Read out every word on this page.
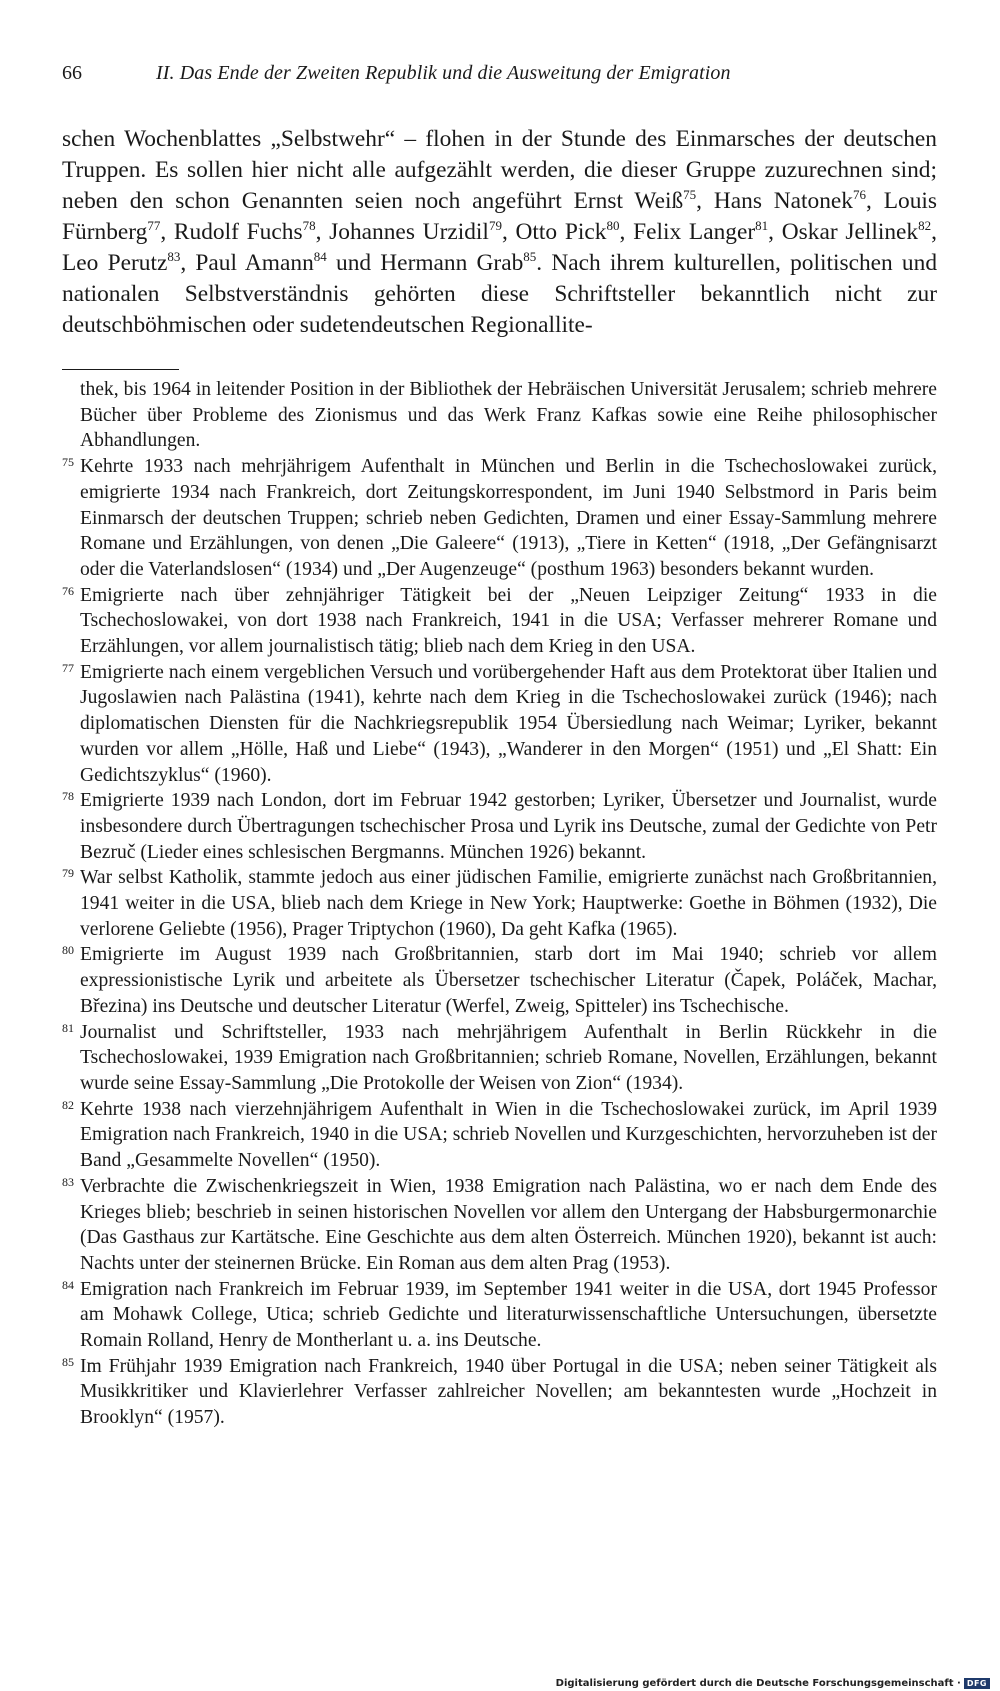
66	II. Das Ende der Zweiten Republik und die Ausweitung der Emigration
schen Wochenblattes „Selbstwehr“ – flohen in der Stunde des Einmarsches der deutschen Truppen. Es sollen hier nicht alle aufgezählt werden, die dieser Gruppe zuzurechnen sind; neben den schon Genannten seien noch angeführt Ernst Weiß$^{75}$, Hans Natonek$^{76}$, Louis Fürnberg$^{77}$, Rudolf Fuchs$^{78}$, Johannes Urzidil$^{79}$, Otto Pick$^{80}$, Felix Langer$^{81}$, Oskar Jellinek$^{82}$, Leo Perutz$^{83}$, Paul Amann$^{84}$ und Hermann Grab$^{85}$. Nach ihrem kulturellen, politischen und nationalen Selbstverständnis gehörten diese Schriftsteller bekanntlich nicht zur deutschböhmischen oder sudetendeutschen Regionallite-
thek, bis 1964 in leitender Position in der Bibliothek der Hebräischen Universität Jerusalem; schrieb mehrere Bücher über Probleme des Zionismus und das Werk Franz Kafkas sowie eine Reihe philosophischer Abhandlungen.
75 Kehrte 1933 nach mehrjährigem Aufenthalt in München und Berlin in die Tschechoslowakei zurück, emigrierte 1934 nach Frankreich, dort Zeitungskorrespondent, im Juni 1940 Selbstmord in Paris beim Einmarsch der deutschen Truppen; schrieb neben Gedichten, Dramen und einer Essay-Sammlung mehrere Romane und Erzählungen, von denen „Die Galeere“ (1913), „Tiere in Ketten“ (1918, „Der Gefängnisarzt oder die Vaterlandslosen“ (1934) und „Der Augenzeuge“ (posthum 1963) besonders bekannt wurden.
76 Emigrierte nach über zehnjähriger Tätigkeit bei der „Neuen Leipziger Zeitung“ 1933 in die Tschechoslowakei, von dort 1938 nach Frankreich, 1941 in die USA; Verfasser mehrerer Romane und Erzählungen, vor allem journalistisch tätig; blieb nach dem Krieg in den USA.
77 Emigrierte nach einem vergeblichen Versuch und vorübergehender Haft aus dem Protektorat über Italien und Jugoslawien nach Palästina (1941), kehrte nach dem Krieg in die Tschechoslowakei zurück (1946); nach diplomatischen Diensten für die Nachkriegsrepublik 1954 Übersiedlung nach Weimar; Lyriker, bekannt wurden vor allem „Hölle, Haß und Liebe“ (1943), „Wanderer in den Morgen“ (1951) und „El Shatt: Ein Gedichtszyklus“ (1960).
78 Emigrierte 1939 nach London, dort im Februar 1942 gestorben; Lyriker, Übersetzer und Journalist, wurde insbesondere durch Übertragungen tschechischer Prosa und Lyrik ins Deutsche, zumal der Gedichte von Petr Bezruč (Lieder eines schlesischen Bergmanns. München 1926) bekannt.
79 War selbst Katholik, stammte jedoch aus einer jüdischen Familie, emigrierte zunächst nach Großbritannien, 1941 weiter in die USA, blieb nach dem Kriege in New York; Hauptwerke: Goethe in Böhmen (1932), Die verlorene Geliebte (1956), Prager Triptychon (1960), Da geht Kafka (1965).
80 Emigrierte im August 1939 nach Großbritannien, starb dort im Mai 1940; schrieb vor allem expressionistische Lyrik und arbeitete als Übersetzer tschechischer Literatur (Čapek, Poláček, Machar, Březina) ins Deutsche und deutscher Literatur (Werfel, Zweig, Spitteler) ins Tschechische.
81 Journalist und Schriftsteller, 1933 nach mehrjährigem Aufenthalt in Berlin Rückkehr in die Tschechoslowakei, 1939 Emigration nach Großbritannien; schrieb Romane, Novellen, Erzählungen, bekannt wurde seine Essay-Sammlung „Die Protokolle der Weisen von Zion“ (1934).
82 Kehrte 1938 nach vierzehnjährigem Aufenthalt in Wien in die Tschechoslowakei zurück, im April 1939 Emigration nach Frankreich, 1940 in die USA; schrieb Novellen und Kurzgeschichten, hervorzuheben ist der Band „Gesammelte Novellen“ (1950).
83 Verbrachte die Zwischenkriegszeit in Wien, 1938 Emigration nach Palästina, wo er nach dem Ende des Krieges blieb; beschrieb in seinen historischen Novellen vor allem den Untergang der Habsburgermonarchie (Das Gasthaus zur Kartätsche. Eine Geschichte aus dem alten Österreich. München 1920), bekannt ist auch: Nachts unter der steinernen Brücke. Ein Roman aus dem alten Prag (1953).
84 Emigration nach Frankreich im Februar 1939, im September 1941 weiter in die USA, dort 1945 Professor am Mohawk College, Utica; schrieb Gedichte und literaturwissenschaftliche Untersuchungen, übersetzte Romain Rolland, Henry de Montherlant u. a. ins Deutsche.
85 Im Frühjahr 1939 Emigration nach Frankreich, 1940 über Portugal in die USA; neben seiner Tätigkeit als Musikkritiker und Klavierlehrer Verfasser zahlreicher Novellen; am bekanntesten wurde „Hochzeit in Brooklyn“ (1957).
Digitalisierung gefördert durch die Deutsche Forschungsgemeinschaft · DFG
